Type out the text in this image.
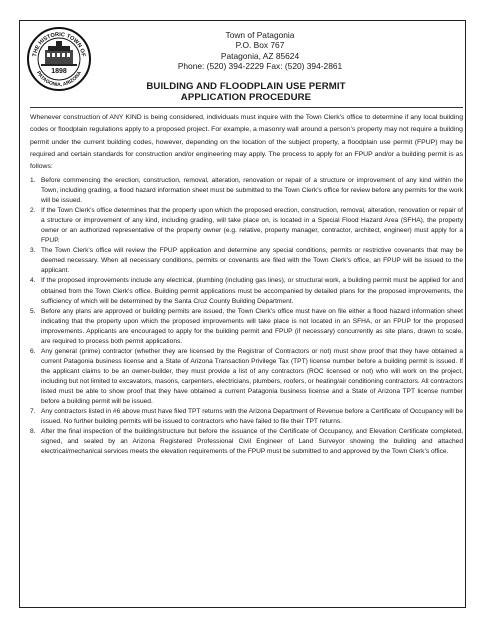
THE HISTORIC TOWN OF
PATAGONIA, ARIZONA
1898
Town of Patagonia
P.O. Box 767
Patagonia, AZ 85624
Phone: (520) 394-2229 Fax: (520) 394-2861
BUILDING AND FLOODPLAIN USE PERMIT
APPLICATION PROCEDURE

Whenever construction of ANY KIND is being considered, individuals must inquire with the Town Clerk’s office to determine if any local building codes or floodplain regulations apply to a proposed project. For example, a masonry wall around a person’s property may not require a building permit under the current building codes, however, depending on the location of the subject property, a floodplain use permit (FPUP) may be required and certain standards for construction and/or engineering may apply. The process to apply for an FPUP and/or a building permit is as follows:

1. Before commencing the erection, construction, removal, alteration, renovation or repair of a structure or improvement of any kind within the Town, including grading, a flood hazard information sheet must be submitted to the Town Clerk’s office for review before any permits for the work will be issued.
2. If the Town Clerk’s office determines that the property upon which the proposed erection, construction, removal, alteration, renovation or repair of a structure or improvement of any kind, including grading, will take place on, is located in a Special Flood Hazard Area (SFHA), the property owner or an authorized representative of the property owner (e.g. relative, property manager, contractor, architect, engineer) must apply for a FPUP.
3. The Town Clerk’s office will review the FPUP application and determine any special conditions, permits or restrictive covenants that may be deemed necessary. When all necessary conditions, permits or covenants are filed with the Town Clerk’s office, an FPUP will be issued to the applicant.
4. If the proposed improvements include any electrical, plumbing (including gas lines), or structural work, a building permit must be applied for and obtained from the Town Clerk’s office. Building permit applications must be accompanied by detailed plans for the proposed improvements, the sufficiency of which will be determined by the Santa Cruz County Building Department.
5. Before any plans are approved or building permits are issued, the Town Clerk’s office must have on file either a flood hazard information sheet indicating that the property upon which the proposed improvements will take place is not located in an SFHA, or an FPUP for the proposed improvements. Applicants are encouraged to apply for the building permit and FPUP (if necessary) concurrently as site plans, drawn to scale, are required to process both permit applications.
6. Any general (prime) contractor (whether they are licensed by the Registrar of Contractors or not) must show proof that they have obtained a current Patagonia business license and a State of Arizona Transaction Privilege Tax (TPT) license number before a building permit is issued. If the applicant claims to be an owner-builder, they must provide a list of any contractors (ROC licensed or not) who will work on the project, including but not limited to excavators, masons, carpenters, electricians, plumbers, roofers, or heating/air conditioning contractors. All contractors listed must be able to show proof that they have obtained a current Patagonia business license and a State of Arizona TPT license number before a building permit will be issued.
7. Any contractors listed in #6 above must have filed TPT returns with the Arizona Department of Revenue before a Certificate of Occupancy will be issued. No further building permits will be issued to contractors who have failed to file their TPT returns.
8. After the final inspection of the building/structure but before the issuance of the Certificate of Occupancy, and Elevation Certificate completed, signed, and sealed by an Arizona Registered Professional Civil Engineer of Land Surveyor showing the building and attached electrical/mechanical services meets the elevation requirements of the FPUP must be submitted to and approved by the Town Clerk’s office.
